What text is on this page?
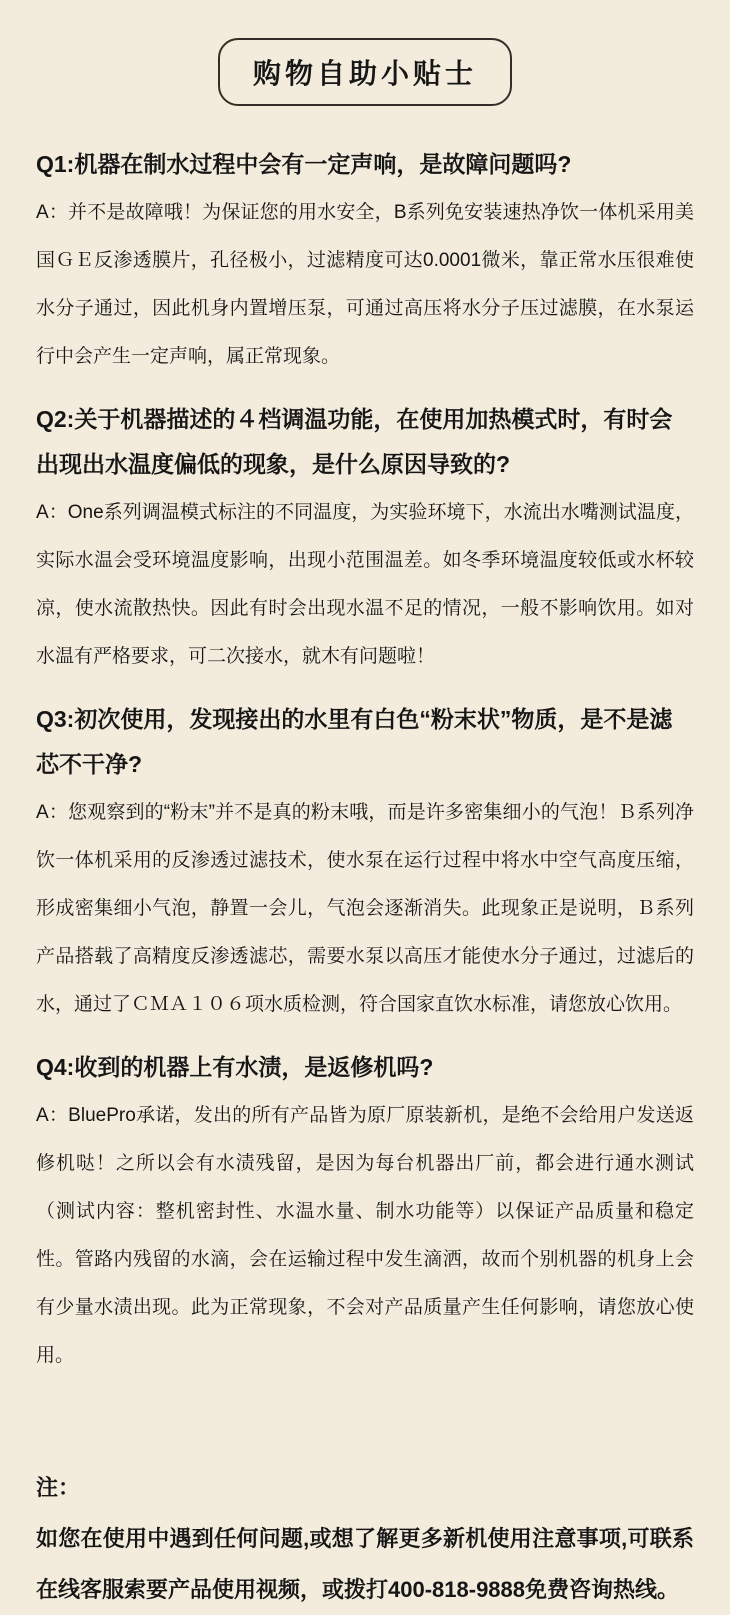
购物自助小贴士
Q1:机器在制水过程中会有一定声响，是故障问题吗?

A：并不是故障哦！为保证您的用水安全，B系列免安装速热净饮一体机采用美国ＧＥ反渗透膜片，孔径极小，过滤精度可达0.0001微米，靠正常水压很难使水分子通过，因此机身内置增压泵，可通过高压将水分子压过滤膜，在水泵运行中会产生一定声响，属正常现象。

Q2:关于机器描述的４档调温功能，在使用加热模式时，有时会出现出水温度偏低的现象，是什么原因导致的?

A：One系列调温模式标注的不同温度，为实验环境下，水流出水嘴测试温度，实际水温会受环境温度影响，出现小范围温差。如冬季环境温度较低或水杯较凉，使水流散热快。因此有时会出现水温不足的情况，一般不影响饮用。如对水温有严格要求，可二次接水，就木有问题啦！

Q3:初次使用，发现接出的水里有白色“粉末状”物质，是不是滤芯不干净?

A：您观察到的“粉末”并不是真的粉末哦，而是许多密集细小的气泡！Ｂ系列净饮一体机采用的反渗透过滤技术，使水泵在运行过程中将水中空气高度压缩，形成密集细小气泡，静置一会儿，气泡会逐渐消失。此现象正是说明，Ｂ系列产品搭载了高精度反渗透滤芯，需要水泵以高压才能使水分子通过，过滤后的水，通过了ＣＭＡ１０６项水质检测，符合国家直饮水标准，请您放心饮用。

Q4:收到的机器上有水渍，是返修机吗?

A：BluePro承诺，发出的所有产品皆为原厂原装新机，是绝不会给用户发送返修机哒！之所以会有水渍残留，是因为每台机器出厂前，都会进行通水测试（测试内容：整机密封性、水温水量、制水功能等）以保证产品质量和稳定性。管路内残留的水滴，会在运输过程中发生滴洒，故而个别机器的机身上会有少量水渍出现。此为正常现象，不会对产品质量产生任何影响，请您放心使用。

注：

如您在使用中遇到任何问题,或想了解更多新机使用注意事项,可联系在线客服索要产品使用视频，或拨打400-818-9888免费咨询热线。
